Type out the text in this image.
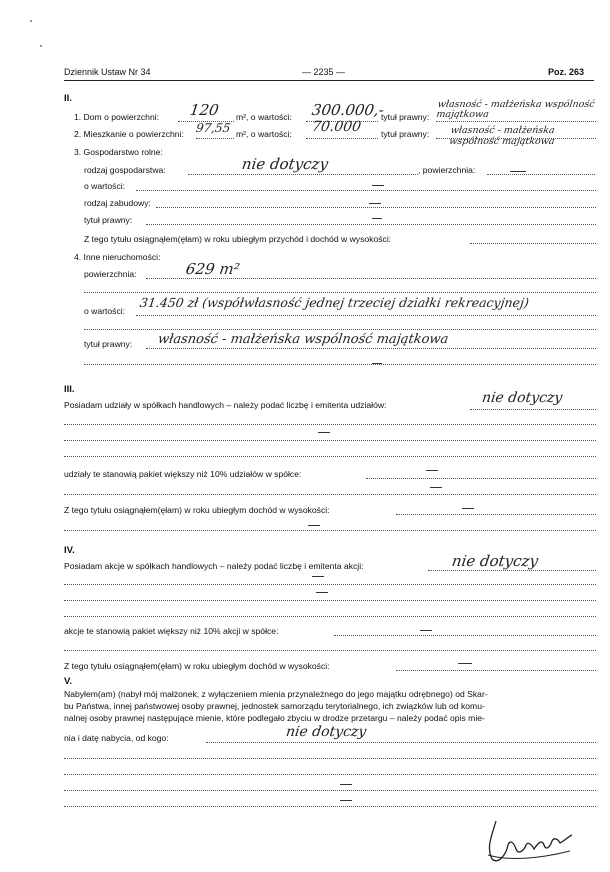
Dziennik Ustaw Nr 34	— 2235 —	Poz. 263
II.
1. Dom o powierzchni: 120 m², o wartości: 300.000,-
tytuł prawny:
własność - małżeńska wspólność majątkowa
2. Mieszkanie o powierzchni: 97,55 m², o wartości: 70.000 tytuł prawny: własność - małżeńska wspólność majątkowa
3. Gospodarstwo rolne:
rodzaj gospodarstwa:	nie dotyczy	, powierzchnia:
o wartości:
rodzaj zabudowy:
tytuł prawny:
Z tego tytułu osiągnąłem(ęłam) w roku ubiegłym przychód i dochód w wysokości:
4. Inne nieruchomości:
powierzchnia:	629 m²
o wartości:
31.450 zł (współwłasność jednej trzeciej działki rekreacyjnej)
tytuł prawny: własność - małżeńska wspólność majątkowa
III.
Posiadam udziały w spółkach handlowych – należy podać liczbę i emitenta udziałów:	nie dotyczy
udziały te stanowią pakiet większy niż 10% udziałów w spółce:
Z tego tytułu osiągnąłem(ęłam) w roku ubiegłym dochód w wysokości:
IV.
Posiadam akcje w spółkach handlowych – należy podać liczbę i emitenta akcji:	nie dotyczy
akcje te stanowią pakiet większy niż 10% akcji w spółce:
Z tego tytułu osiągnąłem(ęłam) w roku ubiegłym dochód w wysokości:
V.
Nabyłem(am) (nabył mój małżonek, z wyłączeniem mienia przynależnego do jego majątku odrębnego) od Skar-
bu Państwa, innej państwowej osoby prawnej, jednostek samorządu terytorialnego, ich związków lub od komu-
nalnej osoby prawnej następujące mienie, które podlegało zbyciu w drodze przetargu – należy podać opis mie-
nia i datę nabycia, od kogo:	nie dotyczy
